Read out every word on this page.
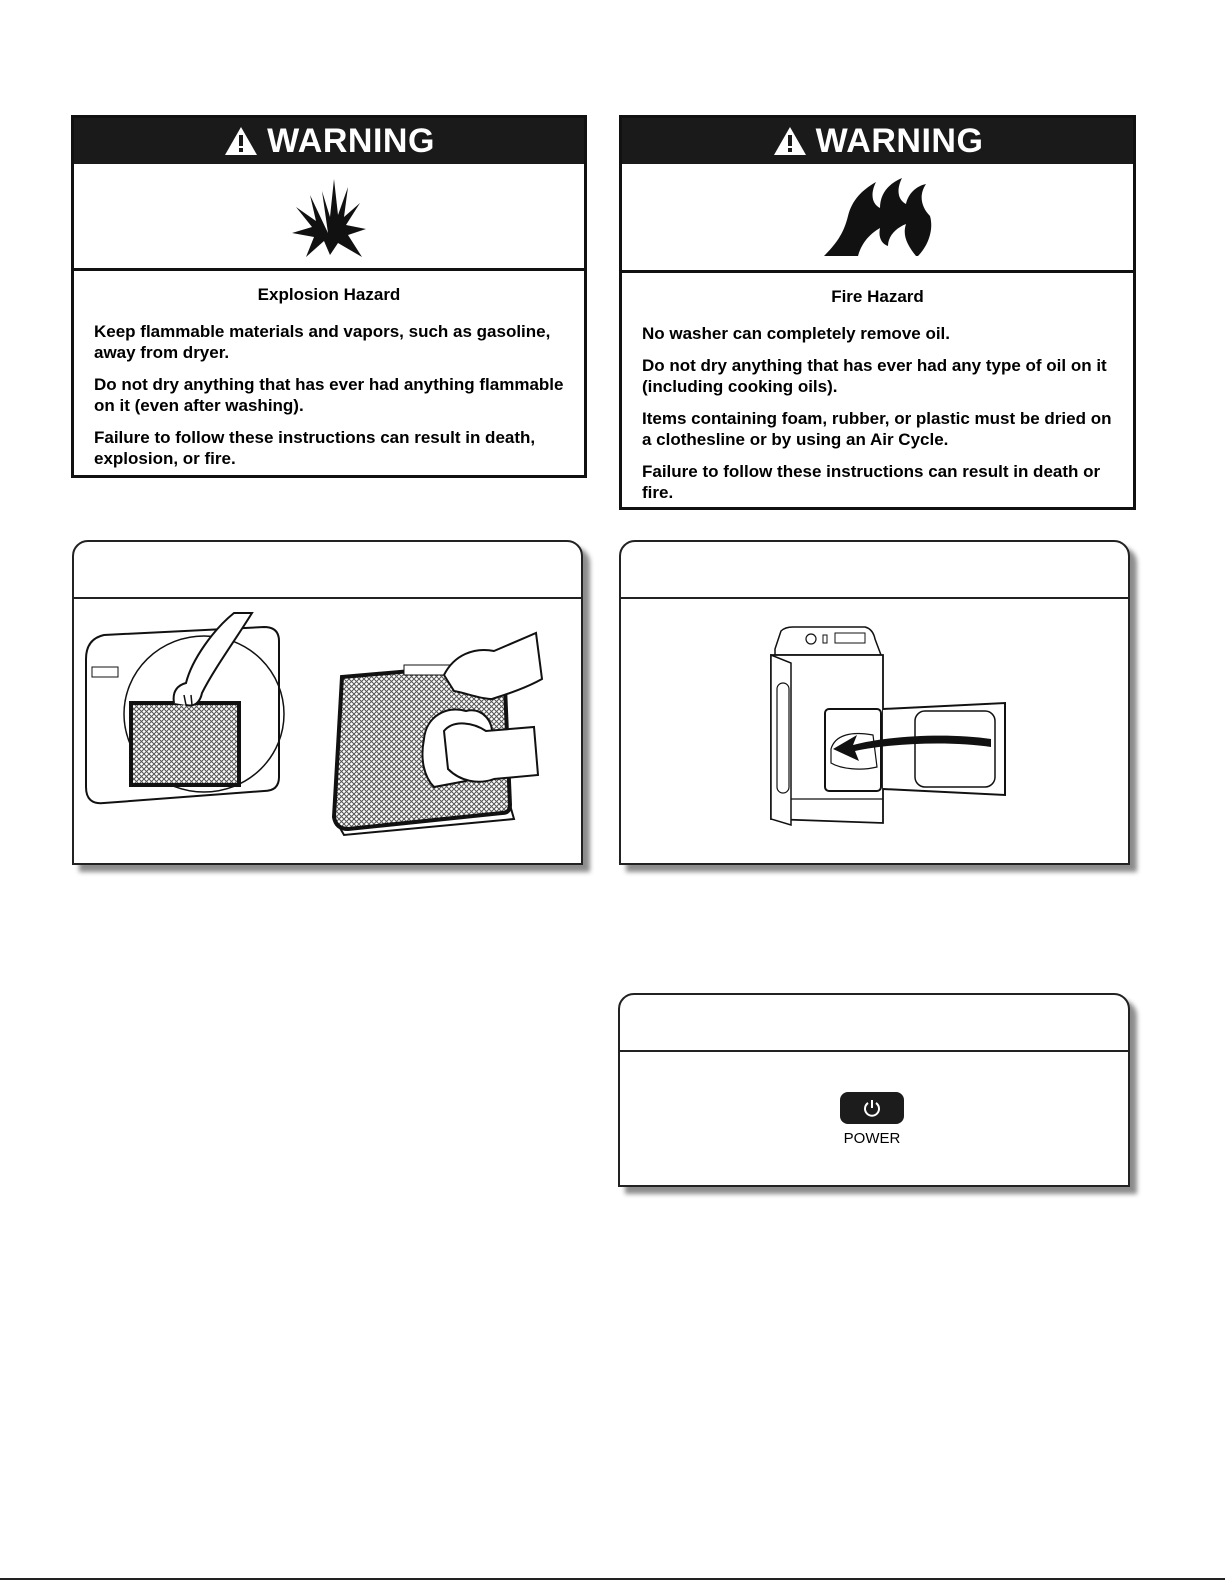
WARNING
Explosion Hazard

Keep flammable materials and vapors, such as gasoline, away from dryer.

Do not dry anything that has ever had anything flammable on it (even after washing).

Failure to follow these instructions can result in death, explosion, or fire.

WARNING
Fire Hazard

No washer can completely remove oil.

Do not dry anything that has ever had any type of oil on it (including cooking oils).

Items containing foam, rubber, or plastic must be dried on a clothesline or by using an Air Cycle.

Failure to follow these instructions can result in death or fire.

POWER
